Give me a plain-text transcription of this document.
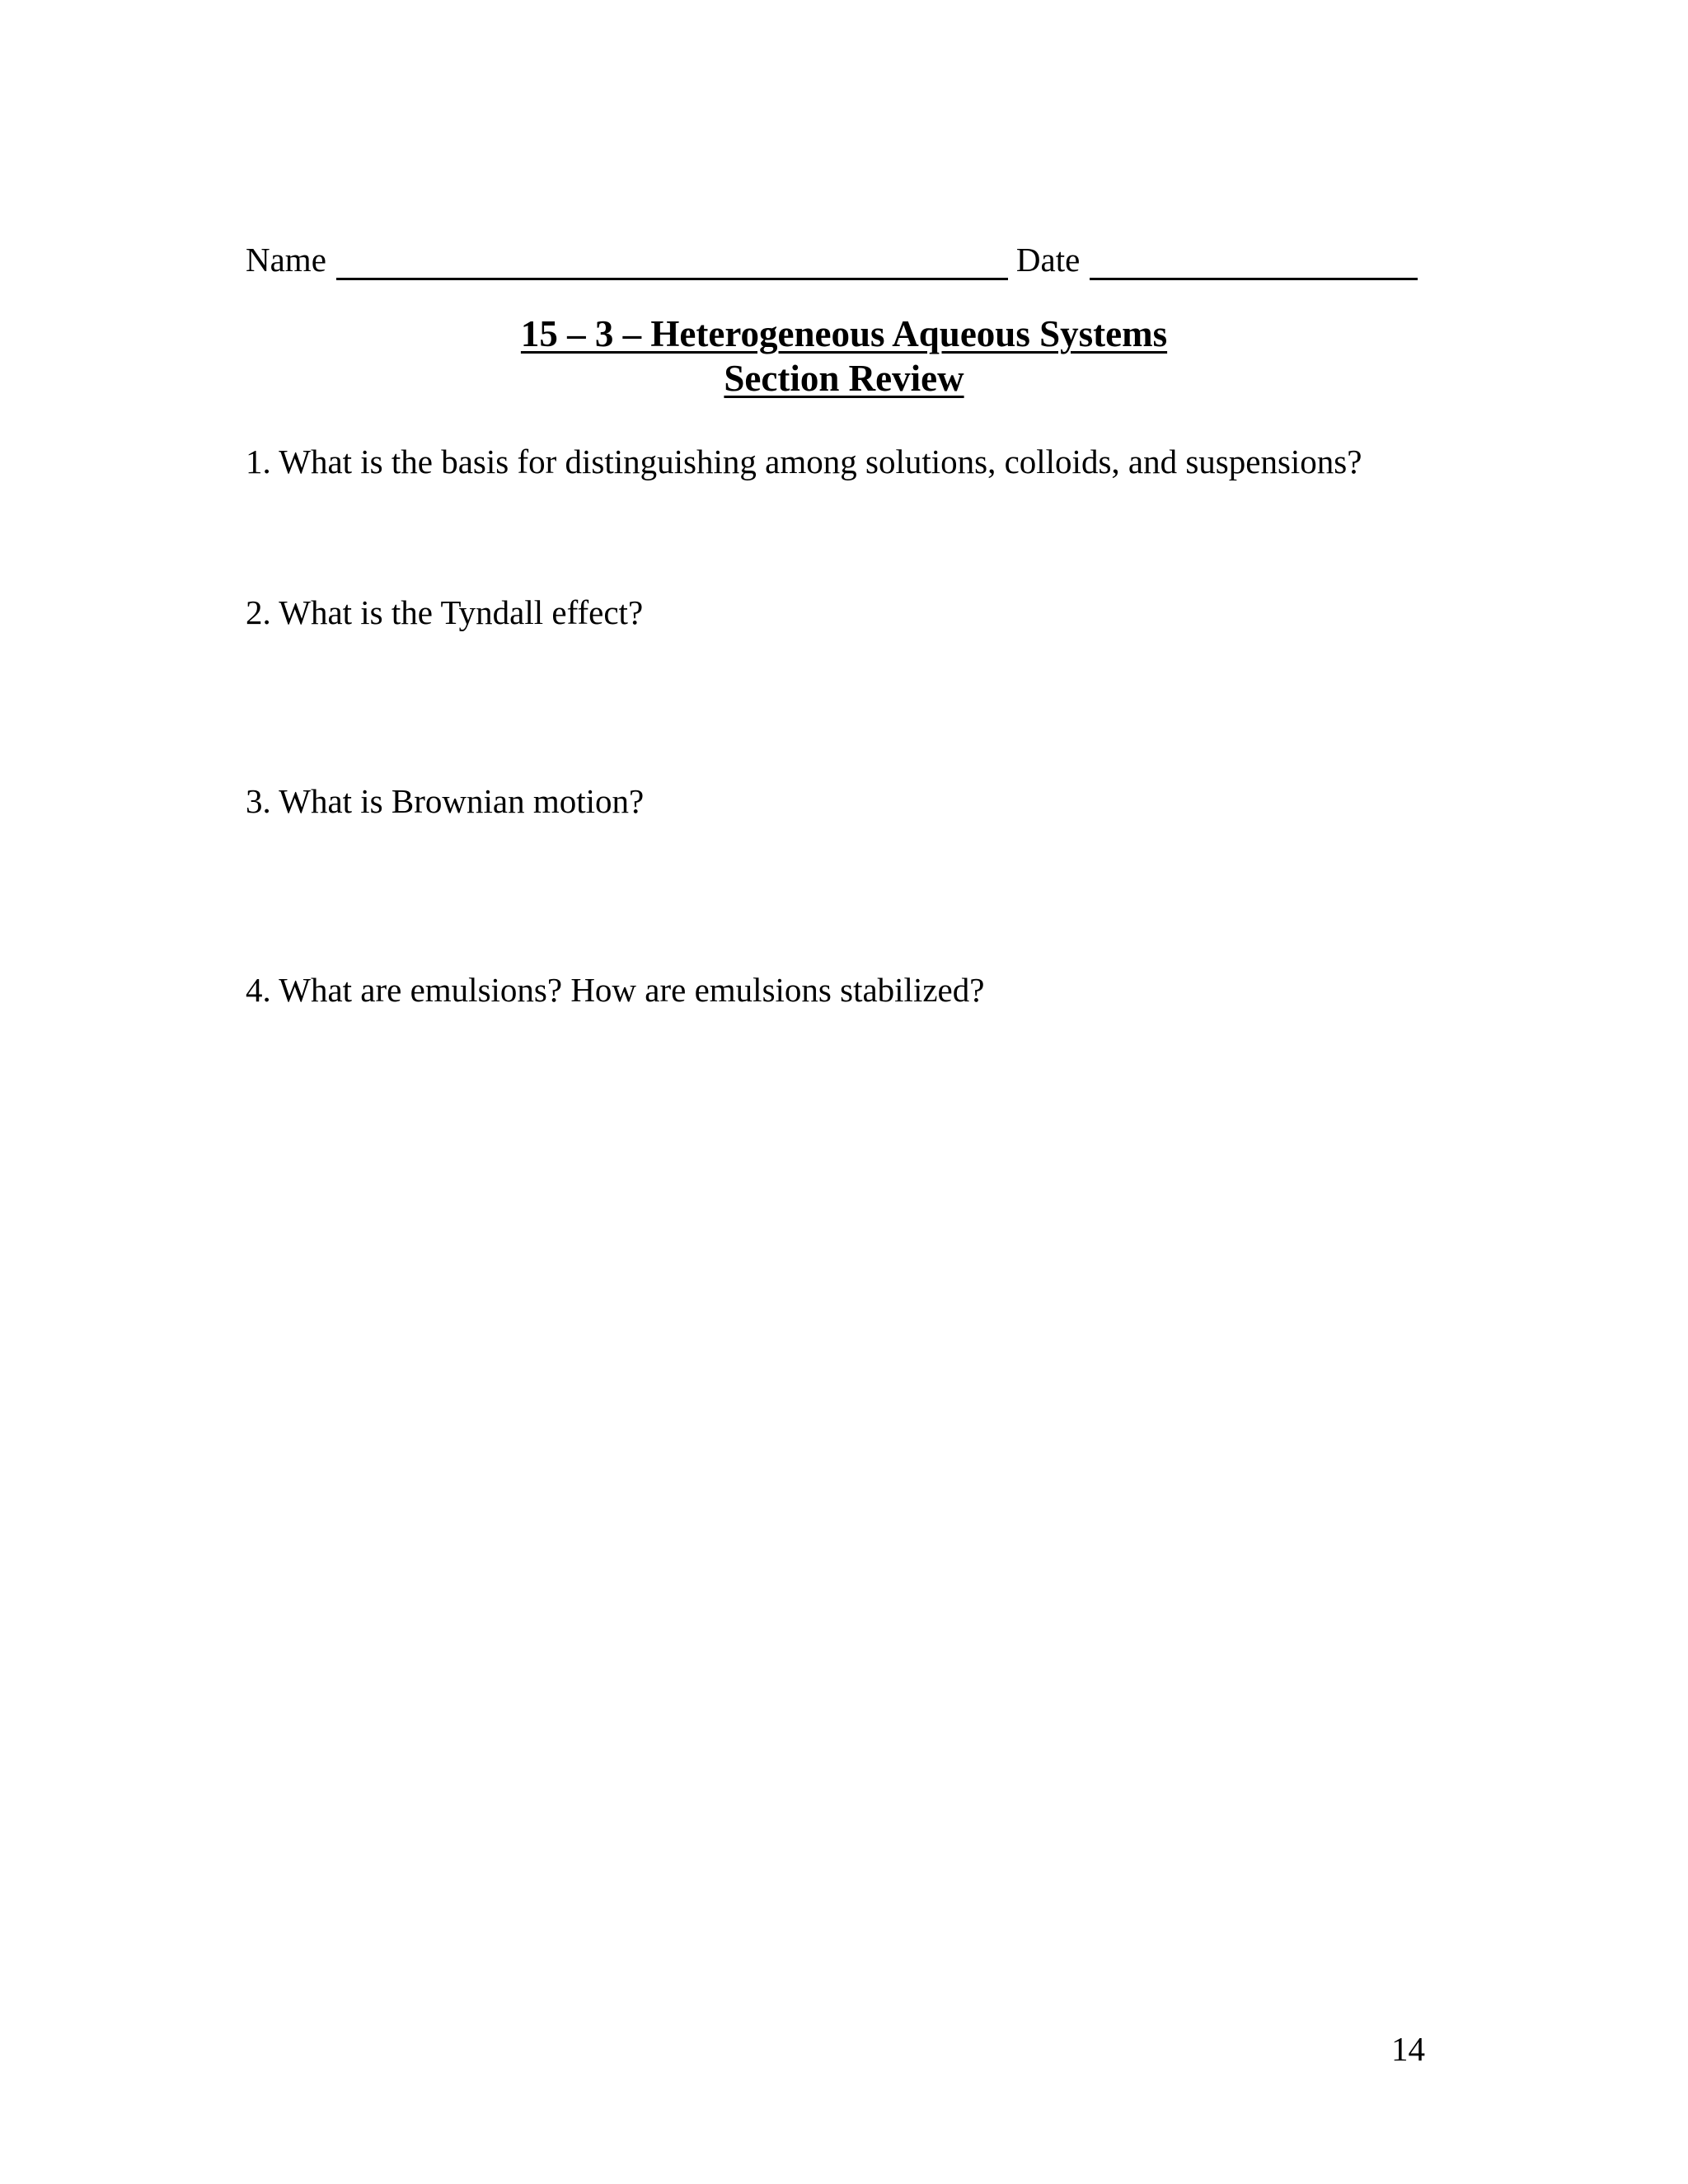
Name	Date
15 – 3 – Heterogeneous Aqueous Systems
Section Review
1. What is the basis for distinguishing among solutions, colloids, and suspensions?
2. What is the Tyndall effect?
3. What is Brownian motion?
4. What are emulsions? How are emulsions stabilized?
14
